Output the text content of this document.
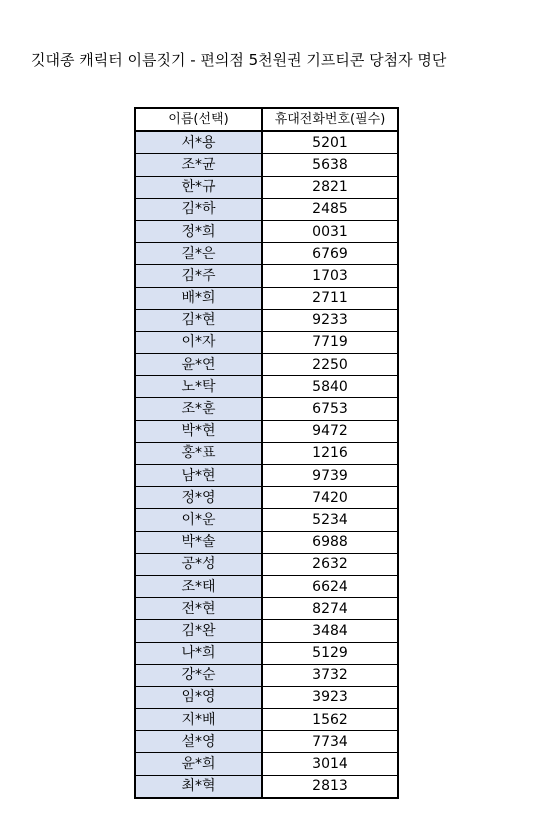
깃대종 캐릭터 이름짓기 - 편의점 5천원권 기프티콘 당첨자 명단
이름(선택)	휴대전화번호(필수)
서*용	5201
조*균	5638
한*규	2821
김*하	2485
정*희	0031
길*은	6769
김*주	1703
배*희	2711
김*현	9233
이*자	7719
윤*연	2250
노*탁	5840
조*훈	6753
박*현	9472
홍*표	1216
남*현	9739
정*영	7420
이*운	5234
박*솔	6988
공*성	2632
조*태	6624
전*현	8274
김*완	3484
나*희	5129
강*순	3732
임*영	3923
지*배	1562
설*영	7734
윤*희	3014
최*혁	2813
